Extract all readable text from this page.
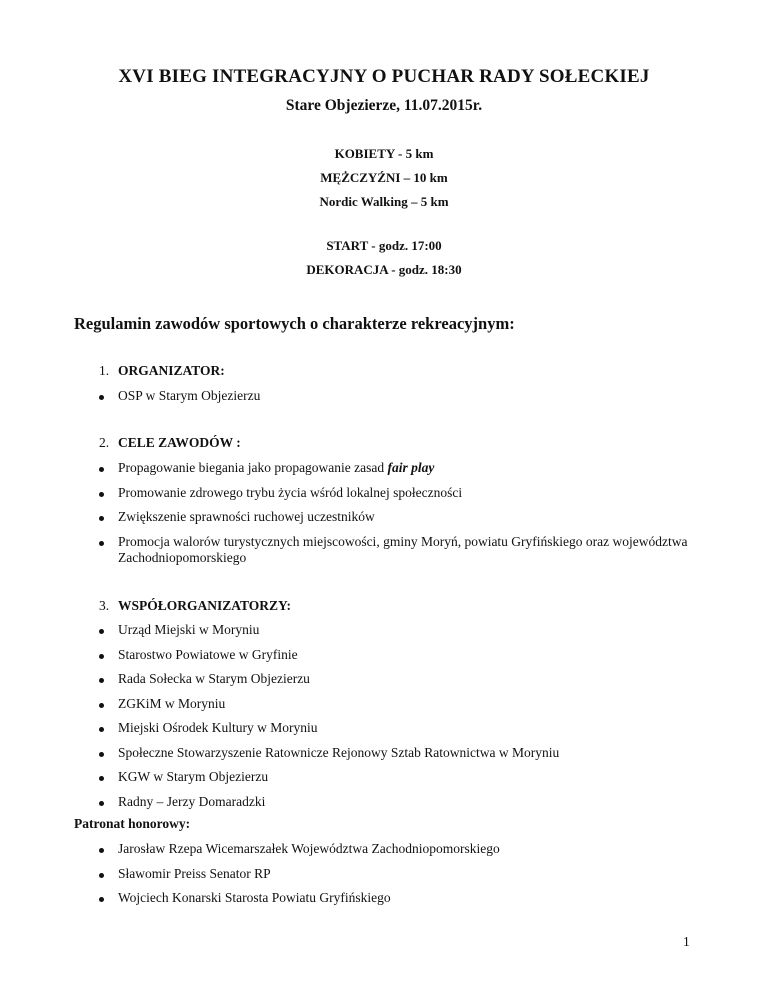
XVI BIEG INTEGRACYJNY O PUCHAR RADY SOŁECKIEJ
Stare Objezierze, 11.07.2015r.
KOBIETY - 5 km
MĘŻCZYŹNI – 10 km
Nordic Walking – 5 km
START - godz. 17:00
DEKORACJA - godz. 18:30
Regulamin zawodów sportowych o charakterze rekreacyjnym:
1. ORGANIZATOR:
OSP w Starym Objezierzu
2. CELE ZAWODÓW :
Propagowanie biegania jako propagowanie zasad fair play
Promowanie zdrowego trybu życia wśród lokalnej społeczności
Zwiększenie sprawności ruchowej uczestników
Promocja walorów turystycznych miejscowości, gminy Moryń, powiatu Gryfińskiego oraz województwa Zachodniopomorskiego
3. WSPÓŁORGANIZATORZY:
Urząd Miejski w Moryniu
Starostwo Powiatowe w Gryfinie
Rada Sołecka w Starym Objezierzu
ZGKiM w Moryniu
Miejski Ośrodek Kultury w Moryniu
Społeczne Stowarzyszenie Ratownicze Rejonowy Sztab Ratownictwa w Moryniu
KGW w Starym Objezierzu
Radny – Jerzy Domaradzki
Patronat honorowy:
Jarosław Rzepa Wicemarszałek Województwa Zachodniopomorskiego
Sławomir Preiss Senator RP
Wojciech Konarski Starosta Powiatu Gryfińskiego
1
